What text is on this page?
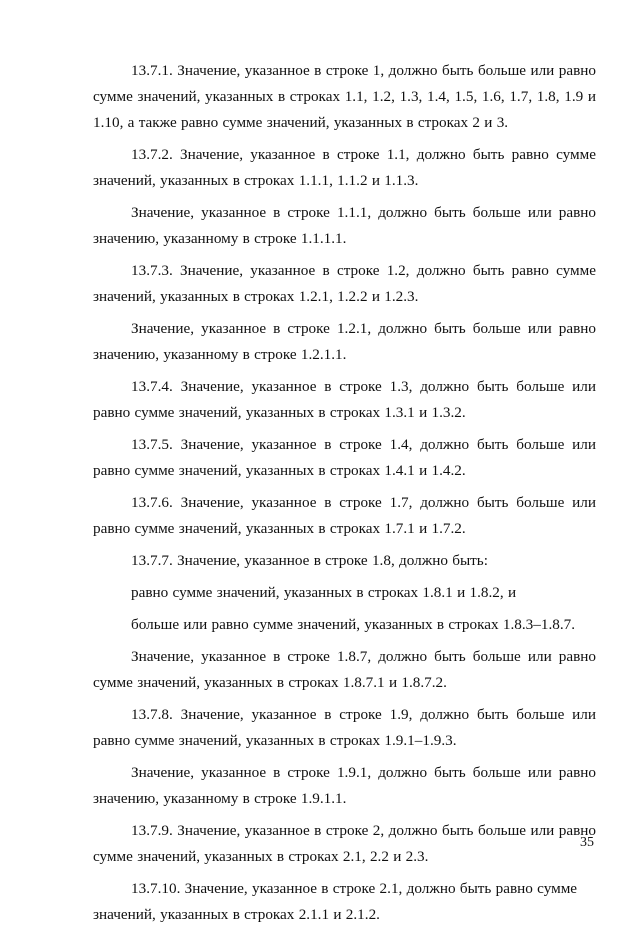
13.7.1. Значение, указанное в строке 1, должно быть больше или равно сумме значений, указанных в строках 1.1, 1.2, 1.3, 1.4, 1.5, 1.6, 1.7, 1.8, 1.9 и 1.10, а также равно сумме значений, указанных в строках 2 и 3.

13.7.2. Значение, указанное в строке 1.1, должно быть равно сумме значений, указанных в строках 1.1.1, 1.1.2 и 1.1.3.

Значение, указанное в строке 1.1.1, должно быть больше или равно значению, указанному в строке 1.1.1.1.

13.7.3. Значение, указанное в строке 1.2, должно быть равно сумме значений, указанных в строках 1.2.1, 1.2.2 и 1.2.3.

Значение, указанное в строке 1.2.1, должно быть больше или равно значению, указанному в строке 1.2.1.1.

13.7.4. Значение, указанное в строке 1.3, должно быть больше или равно сумме значений, указанных в строках 1.3.1 и 1.3.2.

13.7.5. Значение, указанное в строке 1.4, должно быть больше или равно сумме значений, указанных в строках 1.4.1 и 1.4.2.

13.7.6. Значение, указанное в строке 1.7, должно быть больше или равно сумме значений, указанных в строках 1.7.1 и 1.7.2.

13.7.7. Значение, указанное в строке 1.8, должно быть:

равно сумме значений, указанных в строках 1.8.1 и 1.8.2, и

больше или равно сумме значений, указанных в строках 1.8.3–1.8.7.

Значение, указанное в строке 1.8.7, должно быть больше или равно сумме значений, указанных в строках 1.8.7.1 и 1.8.7.2.

13.7.8. Значение, указанное в строке 1.9, должно быть больше или равно сумме значений, указанных в строках 1.9.1–1.9.3.

Значение, указанное в строке 1.9.1, должно быть больше или равно значению, указанному в строке 1.9.1.1.

13.7.9. Значение, указанное в строке 2, должно быть больше или равно сумме значений, указанных в строках 2.1, 2.2 и 2.3.

13.7.10. Значение, указанное в строке 2.1, должно быть равно сумме значений, указанных в строках 2.1.1 и 2.1.2.

35
